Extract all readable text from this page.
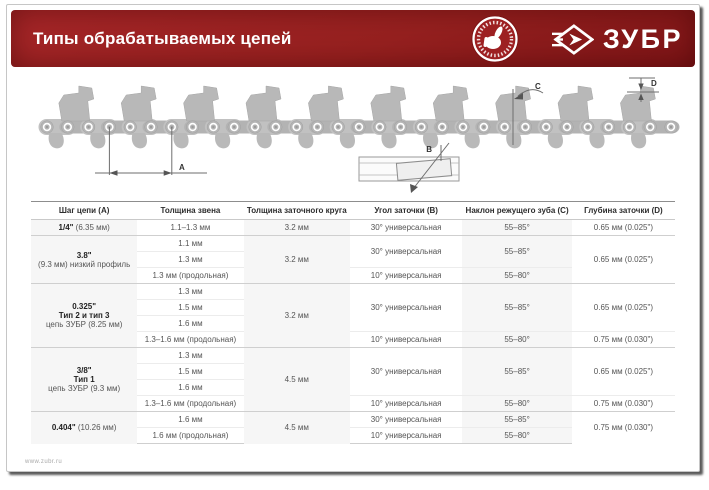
Типы обрабатываемых цепей	ЗУБР
A
B
C	D
Шаг цепи (A)	Толщина звена	Толщина заточного круга	Угол заточки (B)	Наклон режущего зуба (C)	Глубина заточки (D)
1/4" (6.35 мм)	1.1–1.3 мм	3.2 мм	30° универсальная	55–85°	0.65 мм (0.025")

3.8"
(9.3 мм) низкий профиль	1.1 мм	3.2 мм	30° универсальная	55–85°	0.65 мм (0.025")
	1.3 мм				
	1.3 мм (продольная)		10° универсальная	55–80°	

0.325"
Тип 2 и тип 3
цепь ЗУБР (8.25 мм)	1.3 мм	3.2 мм	30° универсальная	55–85°	0.65 мм (0.025")
	1.5 мм				
	1.6 мм				
	1.3–1.6 мм (продольная)		10° универсальная	55–80°	0.75 мм (0.030")

3/8"
Тип 1
цепь ЗУБР (9.3 мм)	1.3 мм	4.5 мм	30° универсальная	55–85°	0.65 мм (0.025")
	1.5 мм				
	1.6 мм				
	1.3–1.6 мм (продольная)		10° универсальная	55–80°	0.75 мм (0.030")
0.404" (10.26 мм)	1.6 мм	4.5 мм	30° универсальная	55–85°	0.75 мм (0.030")
	1.6 мм (продольная)		10° универсальная	55–80°	
www.zubr.ru
